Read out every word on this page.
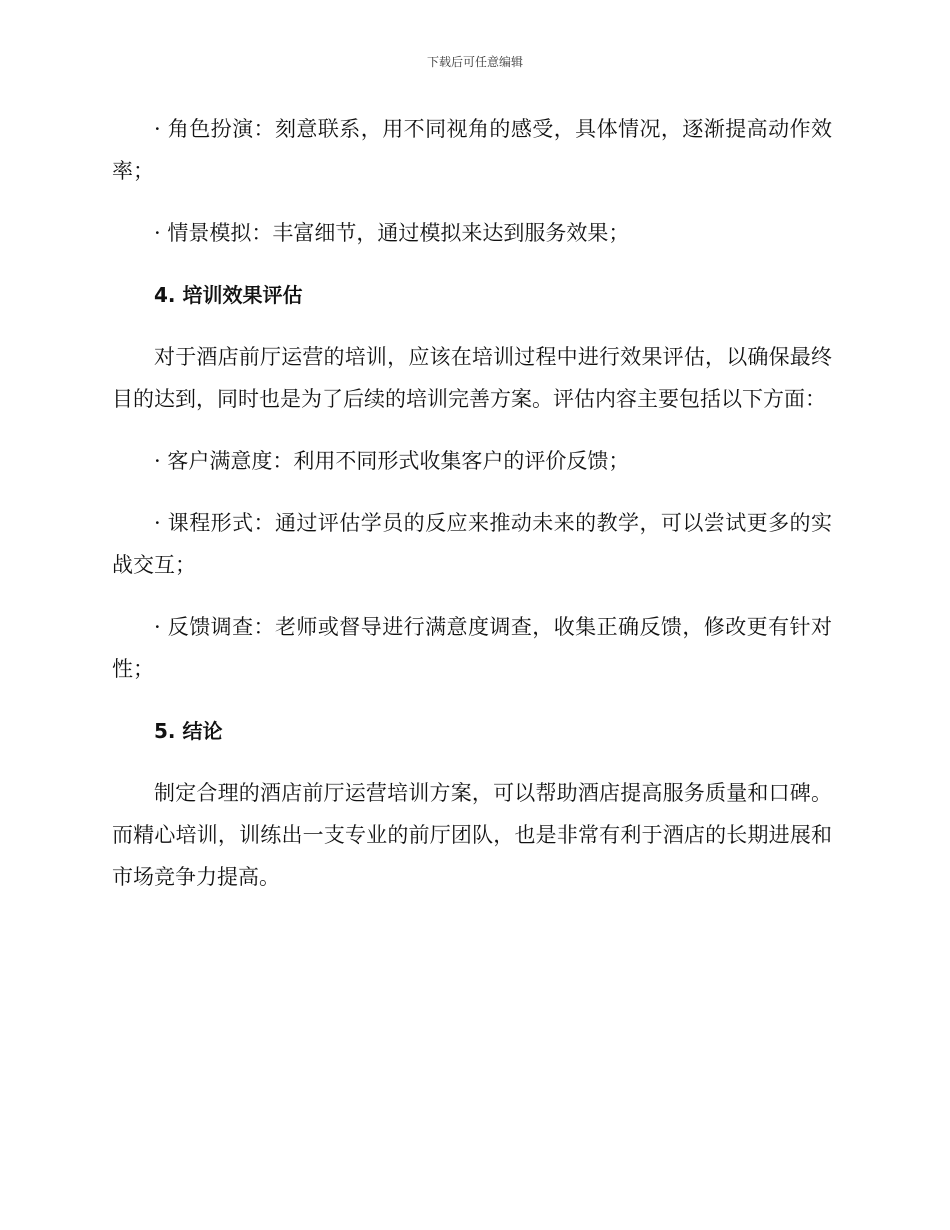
下载后可任意编辑

· 角色扮演：刻意联系，用不同视角的感受，具体情况，逐渐提高动作效率；

· 情景模拟：丰富细节，通过模拟来达到服务效果；

4. 培训效果评估

对于酒店前厅运营的培训，应该在培训过程中进行效果评估，以确保最终目的达到，同时也是为了后续的培训完善方案。评估内容主要包括以下方面：

· 客户满意度：利用不同形式收集客户的评价反馈；

· 课程形式：通过评估学员的反应来推动未来的教学，可以尝试更多的实战交互；

· 反馈调查：老师或督导进行满意度调查，收集正确反馈，修改更有针对性；

5. 结论

制定合理的酒店前厅运营培训方案，可以帮助酒店提高服务质量和口碑。而精心培训，训练出一支专业的前厅团队，也是非常有利于酒店的长期进展和市场竞争力提高。
